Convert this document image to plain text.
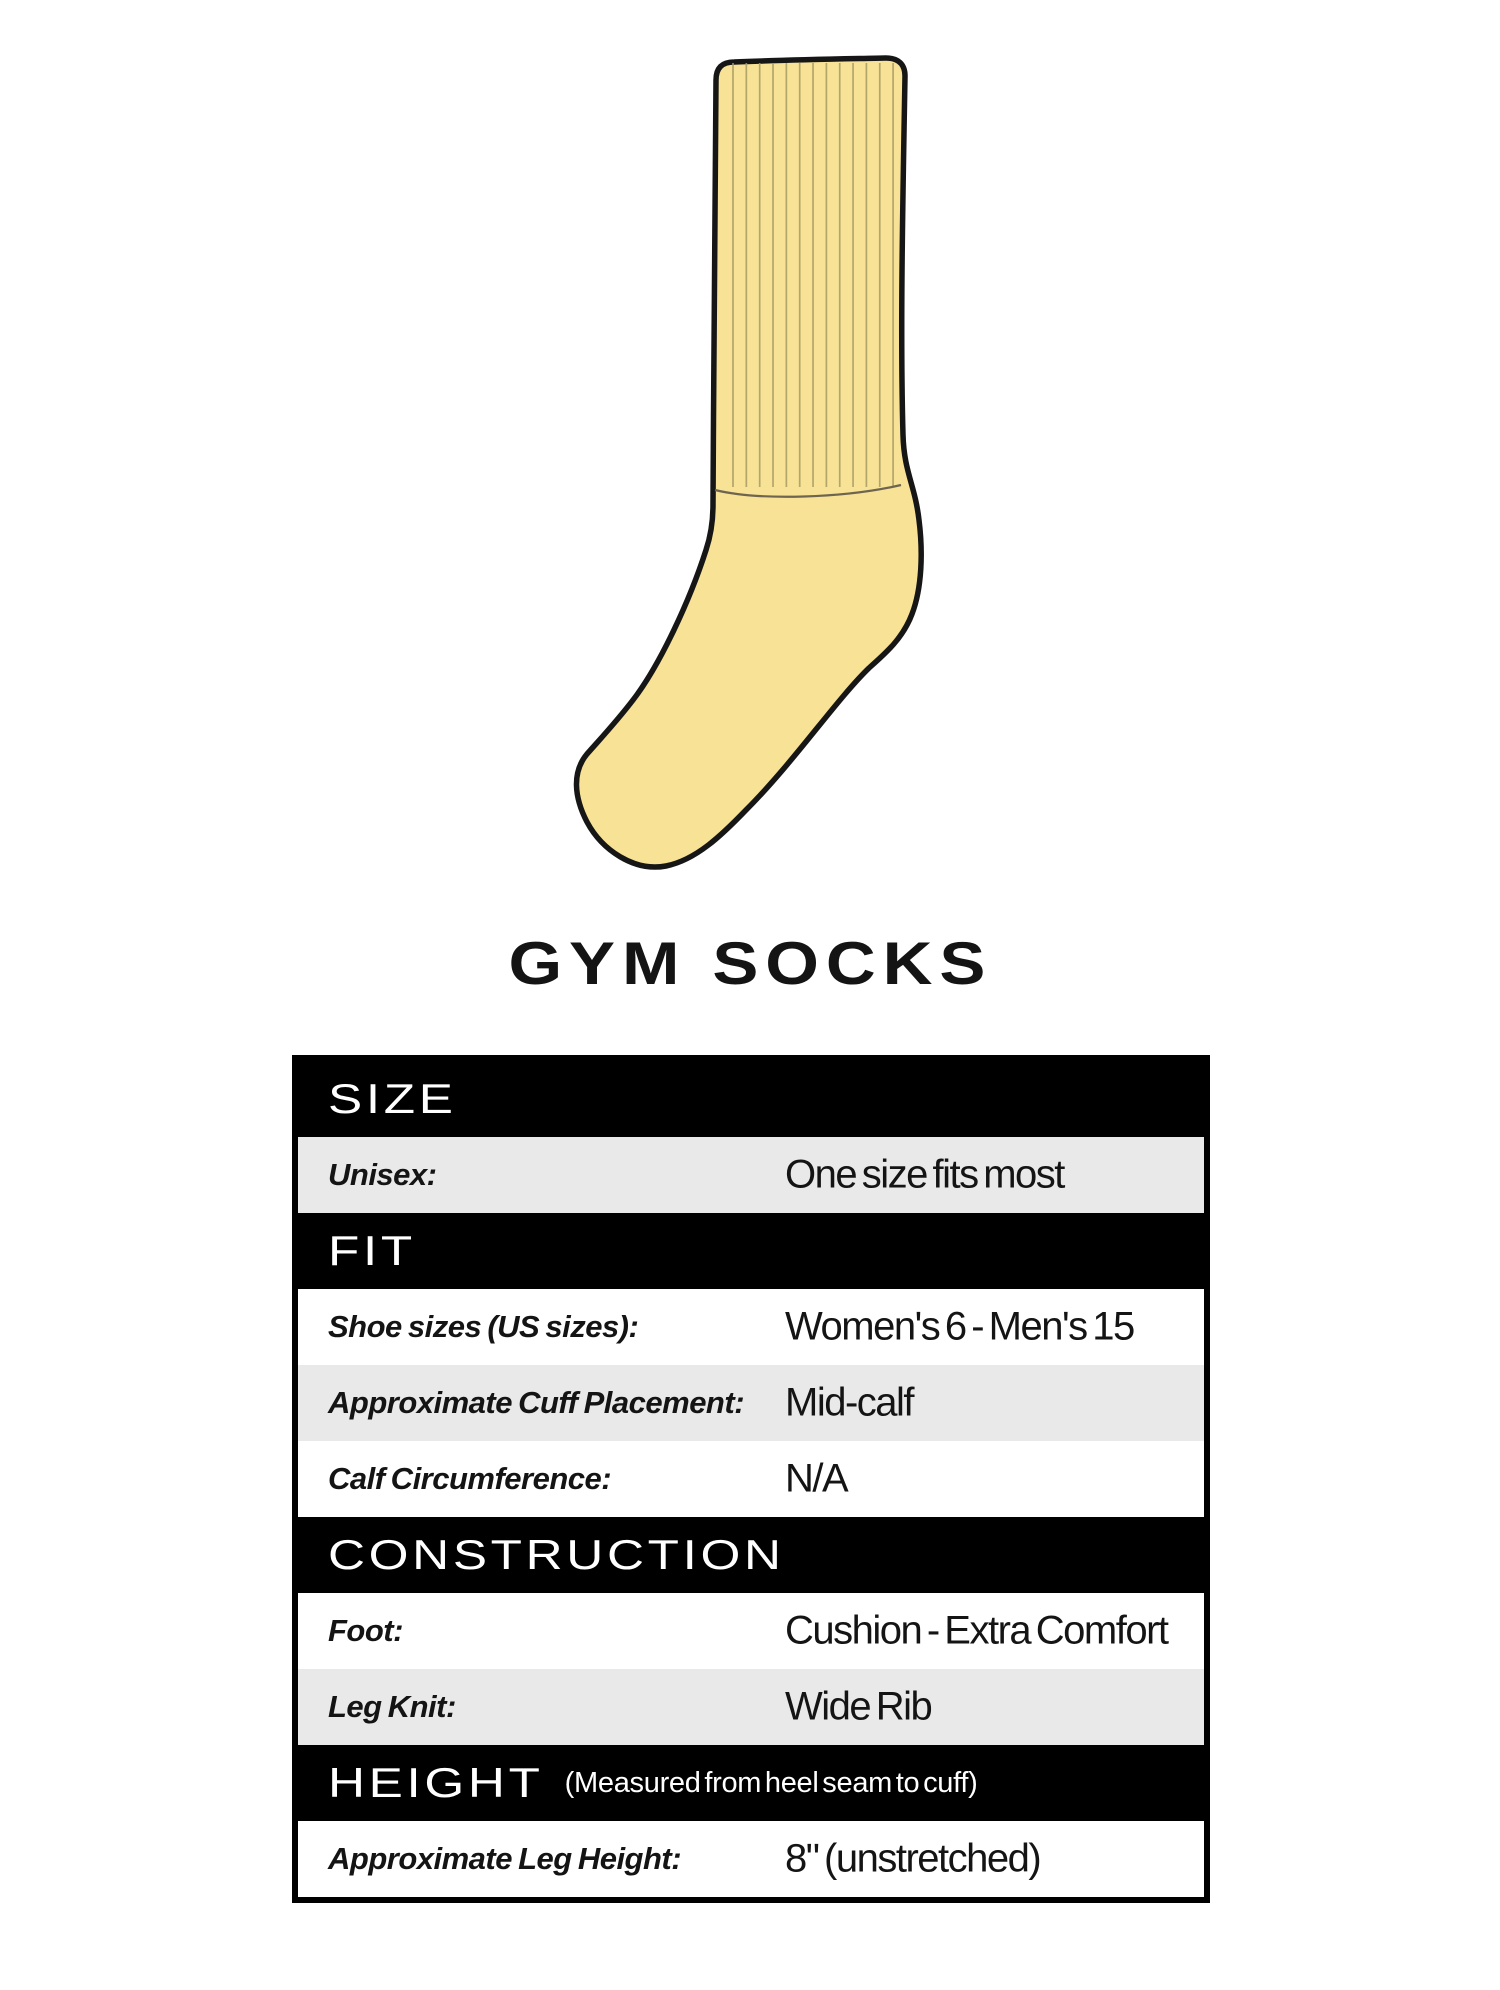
GYM SOCKS
SIZE
Unisex:	One size fits most
FIT
Shoe sizes (US sizes):	Women's 6 - Men's 15
Approximate Cuff Placement: Mid-calf
Calf Circumference:	N/A
CONSTRUCTION
Foot:	Cushion - Extra Comfort
Leg Knit:	Wide Rib
HEIGHT (Measured from heel seam to cuff)
Approximate Leg Height:	8" (unstretched)
